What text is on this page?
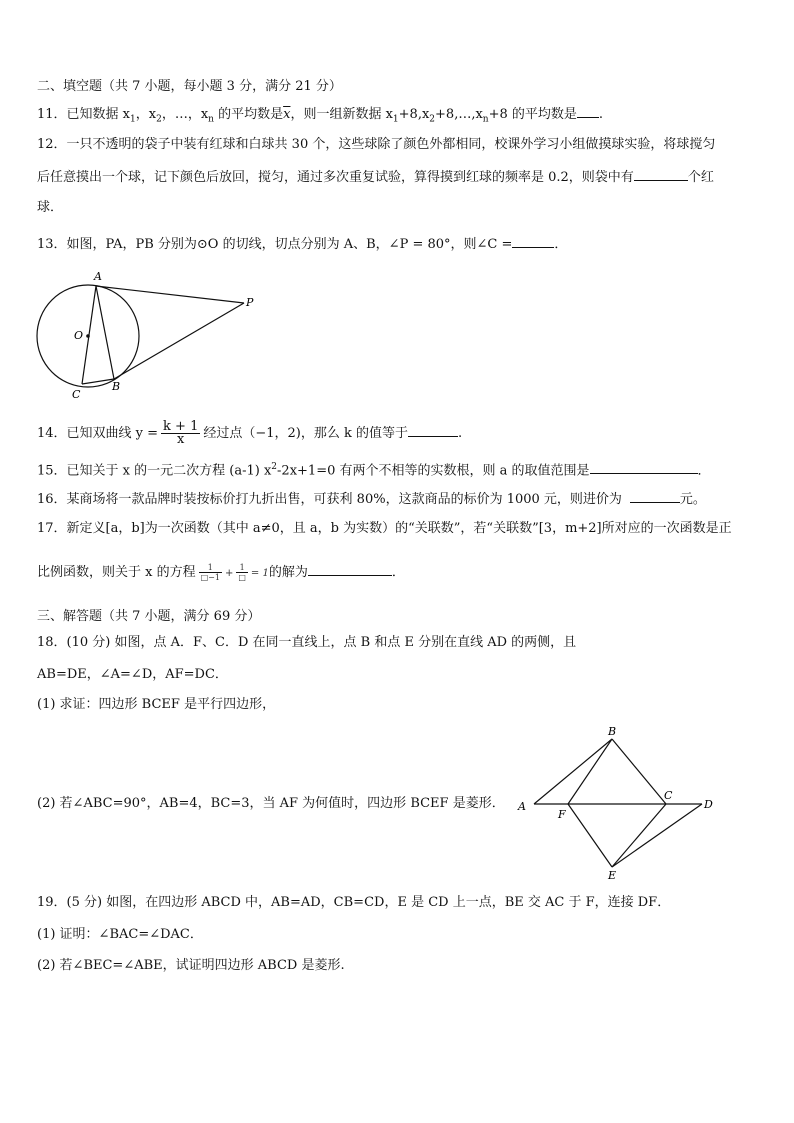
二、填空题（共 7 小题，每小题 3 分，满分 21 分）
11．已知数据 $x_1$，$x_2$，…，$x_n$ 的平均数是$\overline{x}$，则一组新数据 $x_1+8,x_2+8,\dots,x_n+8$ 的平均数是 .
12．一只不透明的袋子中装有红球和白球共 30 个，这些球除了颜色外都相同，校课外学习小组做摸球实验，将球搅匀
后任意摸出一个球，记下颜色后放回，搅匀，通过多次重复试验，算得摸到红球的频率是 0.2，则袋中有	个红
球．
13．如图，PA，PB 分别为⊙O 的切线，切点分别为 A、B，∠P = 80°，则∠C =	．
A
P
O
B
C
14．已知双曲线 $y = \frac{k + 1}{x}$ 经过点（−1，2)，那么 k 的值等于	.
15．已知关于 x 的一元二次方程 (a-1) $x^2-2x+1=0$ 有两个不相等的实数根，则 a 的取值范围是	．
16．某商场将一款品牌时装按标价打九折出售，可获利 80%，这款商品的标价为 1000 元，则进价为	元。
17．新定义[a，b]为一次函数（其中 a≠0，且 a，b 为实数）的“关联数”，若“关联数”[3，m+2]所对应的一次函数是正
比例函数，则关于 x 的方程 $\frac{1}{□-1} + \frac{1}{□} = 1$的解为	．
三、解答题（共 7 小题，满分 69 分）
18．(10 分) 如图，点 A．F、C．D 在同一直线上，点 B 和点 E 分别在直线 AD 的两侧，且
AB=DE，∠A=∠D，AF=DC．
(1) 求证：四边形 BCEF 是平行四边形，
(2) 若∠ABC=90°，AB=4，BC=3，当 AF 为何值时，四边形 BCEF 是菱形． A
B
C
D
E
F
19．(5 分) 如图，在四边形 ABCD 中，AB=AD，CB=CD，E 是 CD 上一点，BE 交 AC 于 F，连接 DF．
(1) 证明：∠BAC=∠DAC．
(2) 若∠BEC=∠ABE，试证明四边形 ABCD 是菱形.
